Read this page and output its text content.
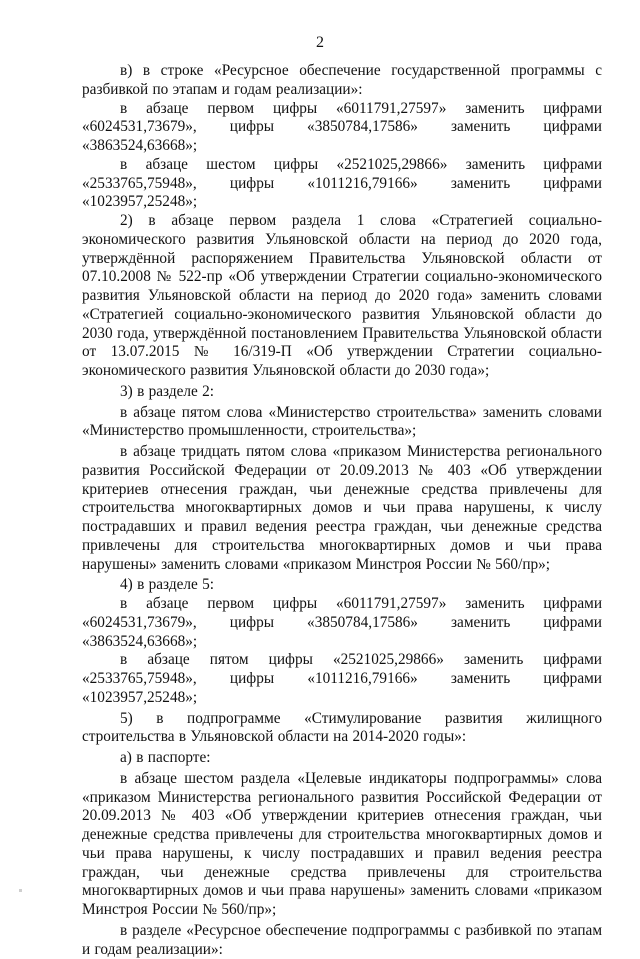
2

в) в строке «Ресурсное обеспечение государственной программы с разбивкой по этапам и годам реализации»:

в абзаце первом цифры «6011791,27597» заменить цифрами «6024531,73679», цифры «3850784,17586» заменить цифрами «3863524,63668»;

в абзаце шестом цифры «2521025,29866» заменить цифрами «2533765,75948», цифры «1011216,79166» заменить цифрами «1023957,25248»;

2) в абзаце первом раздела 1 слова «Стратегией социально-экономического развития Ульяновской области на период до 2020 года, утверждённой распоряжением Правительства Ульяновской области от 07.10.2008 № 522-пр «Об утверждении Стратегии социально-экономического развития Ульяновской области на период до 2020 года» заменить словами «Стратегией социально-экономического развития Ульяновской области до 2030 года, утверждённой постановлением Правительства Ульяновской области от 13.07.2015 № 16/319-П «Об утверждении Стратегии социально-экономического развития Ульяновской области до 2030 года»;

3) в разделе 2:

в абзаце пятом слова «Министерство строительства» заменить словами «Министерство промышленности, строительства»;

в абзаце тридцать пятом слова «приказом Министерства регионального развития Российской Федерации от 20.09.2013 № 403 «Об утверждении критериев отнесения граждан, чьи денежные средства привлечены для строительства многоквартирных домов и чьи права нарушены, к числу пострадавших и правил ведения реестра граждан, чьи денежные средства привлечены для строительства многоквартирных домов и чьи права нарушены» заменить словами «приказом Минстроя России № 560/пр»;

4) в разделе 5:

в абзаце первом цифры «6011791,27597» заменить цифрами «6024531,73679», цифры «3850784,17586» заменить цифрами «3863524,63668»;

в абзаце пятом цифры «2521025,29866» заменить цифрами «2533765,75948», цифры «1011216,79166» заменить цифрами «1023957,25248»;

5) в подпрограмме «Стимулирование развития жилищного строительства в Ульяновской области на 2014-2020 годы»:

а) в паспорте:

в абзаце шестом раздела «Целевые индикаторы подпрограммы» слова «приказом Министерства регионального развития Российской Федерации от 20.09.2013 № 403 «Об утверждении критериев отнесения граждан, чьи денежные средства привлечены для строительства многоквартирных домов и чьи права нарушены, к числу пострадавших и правил ведения реестра граждан, чьи денежные средства привлечены для строительства многоквартирных домов и чьи права нарушены» заменить словами «приказом Минстроя России № 560/пр»;

в разделе «Ресурсное обеспечение подпрограммы с разбивкой по этапам и годам реализации»:
